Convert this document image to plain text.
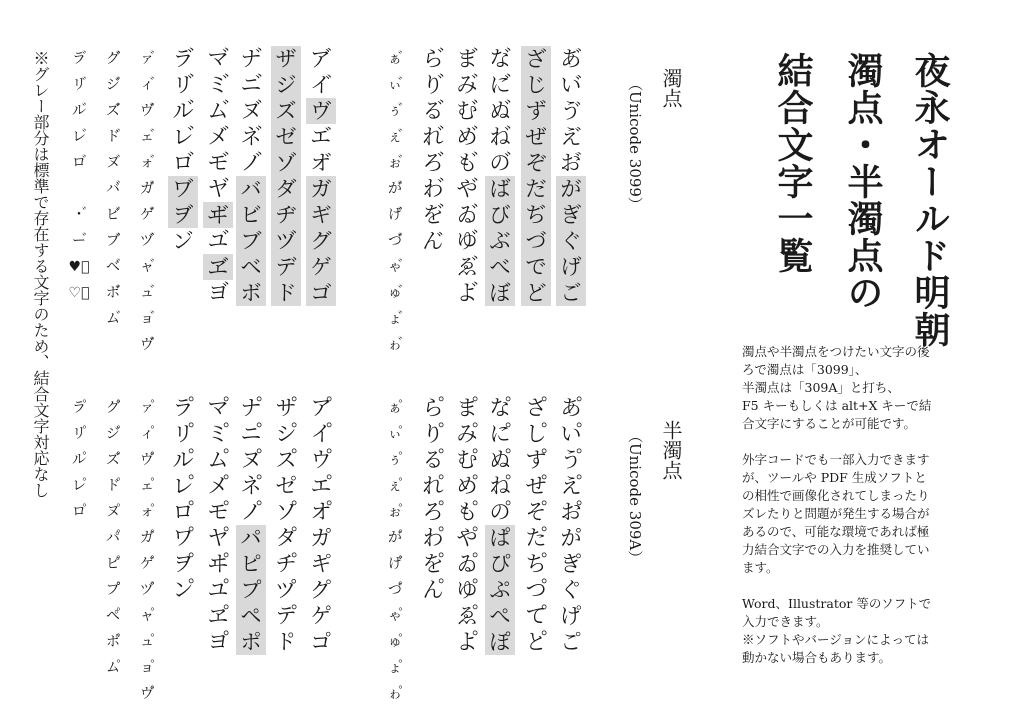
夜永オールド明朝
濁点・半濁点の
結合文字一覧
濁点
（Unicode 3099）
半濁点
（Unicode 309A）
あ゙
い゙
ゔ
え゙
お゙
ざ
じ
ず
ぜ
ぞ
な゙
に゙
ぬ゙
ね゙
の゙
ま゙
み゙
む゙
め゙
も゙
ら゙
り゙
る゙
れ゙
ろ゙
ぁ゙
ぃ゙
ぅ゙
ぇ゙
ぉ゙
が
ぎ
ぐ
げ
ご
だ
ぢ
づ
で
ど
ば
び
ぶ
べ
ぼ
や゙
ゐ゙
ゆ゙
ゑ゙
よ゙
わ゙
を゙
ん゙
が゙
げ゙
づ゙
ゃ゙
ゅ゙
ょ゙
ゎ゙
ア゙
イ゙
ヴ
エ゙
オ゙
ザ
ジ
ズ
ゼ
ゾ
ナ゙
ニ゙
ヌ゙
ネ゙
ノ゙
マ゙
ミ゙
ム゙
メ゙
モ゙
ラ゙
リ゙
ル゙
レ゙
ロ゙
ァ゙
ィ゙
ヴ゙
ェ゙
ォ゙
ガ゙
ゲ゙
ヅ゙
ャ゙
ュ゙
ョ゙
ヴ゙
グ゙
ジ゙
ズ゙
ド゙
ヌ゙
バ゙
ビ゙
ブ゙
ベ゙
ボ゙
ム゙
ラ゙
リ゙
ル゙
レ゙
ロ゙
・゙
ー゙
♥゙
♡゙
ガ
ギ
グ
ゲ
ゴ
ダ
ヂ
ヅ
デ
ド
バ
ビ
ブ
ベ
ボ
ヤ゙
ヸ
ユ゙
ヹ
ヨ゙
ヷ
ヺ
ン゙
あ゚
い゚
う゚
え゚
お゚
さ゚
し゚
す゚
せ゚
そ゚
な゚
に゚
ぬ゚
ね゚
の゚
ま゚
み゚
む゚
め゚
も゚
ら゚
り゚
る゚
れ゚
ろ゚
ぁ゚
ぃ゚
ぅ゚
ぇ゚
ぉ゚
か゚
き゚
く゚
け゚
こ゚
た゚
ち゚
つ゚
て゚
と゚
ぱ
ぴ
ぷ
ぺ
ぽ
や゚
ゐ゚
ゆ゚
ゑ゚
よ゚
わ゚
を゚
ん゚
が゚
げ゚
づ゚
ゃ゚
ゅ゚
ょ゚
ゎ゚
ア゚
イ゚
ウ゚
エ゚
オ゚
サ゚
シ゚
ス゚
セ゚
ソ゚
ナ゚
ニ゚
ヌ゚
ネ゚
ノ゚
マ゚
ミ゚
ム゚
メ゚
モ゚
ラ゚
リ゚
ル゚
レ゚
ロ゚
ァ゚
ィ゚
ヴ゚
ェ゚
ォ゚
ガ゚
ゲ゚
ヅ゚
ャ゚
ュ゚
ョ゚
ヴ゚
グ゚
ジ゚
ズ゚
ド゚
ヌ゚
パ゚
ピ゚
プ゚
ペ゚
ポ゚
ム゚
ラ゚
リ゚
ル゚
レ゚
ロ゚
カ゚
キ゚
ク゚
ケ゚
コ゚
タ゚
チ゚
ツ゚
テ゚
ト゚
パ
ピ
プ
ペ
ポ
ヤ゚
ヰ゚
ユ゚
ヱ゚
ヨ゚
ワ゚
ヲ゚
ン゚

濁点や半濁点をつけたい文字の後
ろで濁点は「3099」、
半濁点は「309A」と打ち、
F5 キーもしくは alt+X キーで結
合文字にすることが可能です。

外字コードでも一部入力できます
が、ツールや PDF 生成ソフトと
の相性で画像化されてしまったり
ズレたりと問題が発生する場合が
あるので、可能な環境であれば極
力結合文字での入力を推奨してい
ます。

Word、Illustrator 等のソフトで
入力できます。
※ソフトやバージョンによっては
動かない場合もあります。

※グレー部分は標準で存在する文字のため、結合文字対応なし
